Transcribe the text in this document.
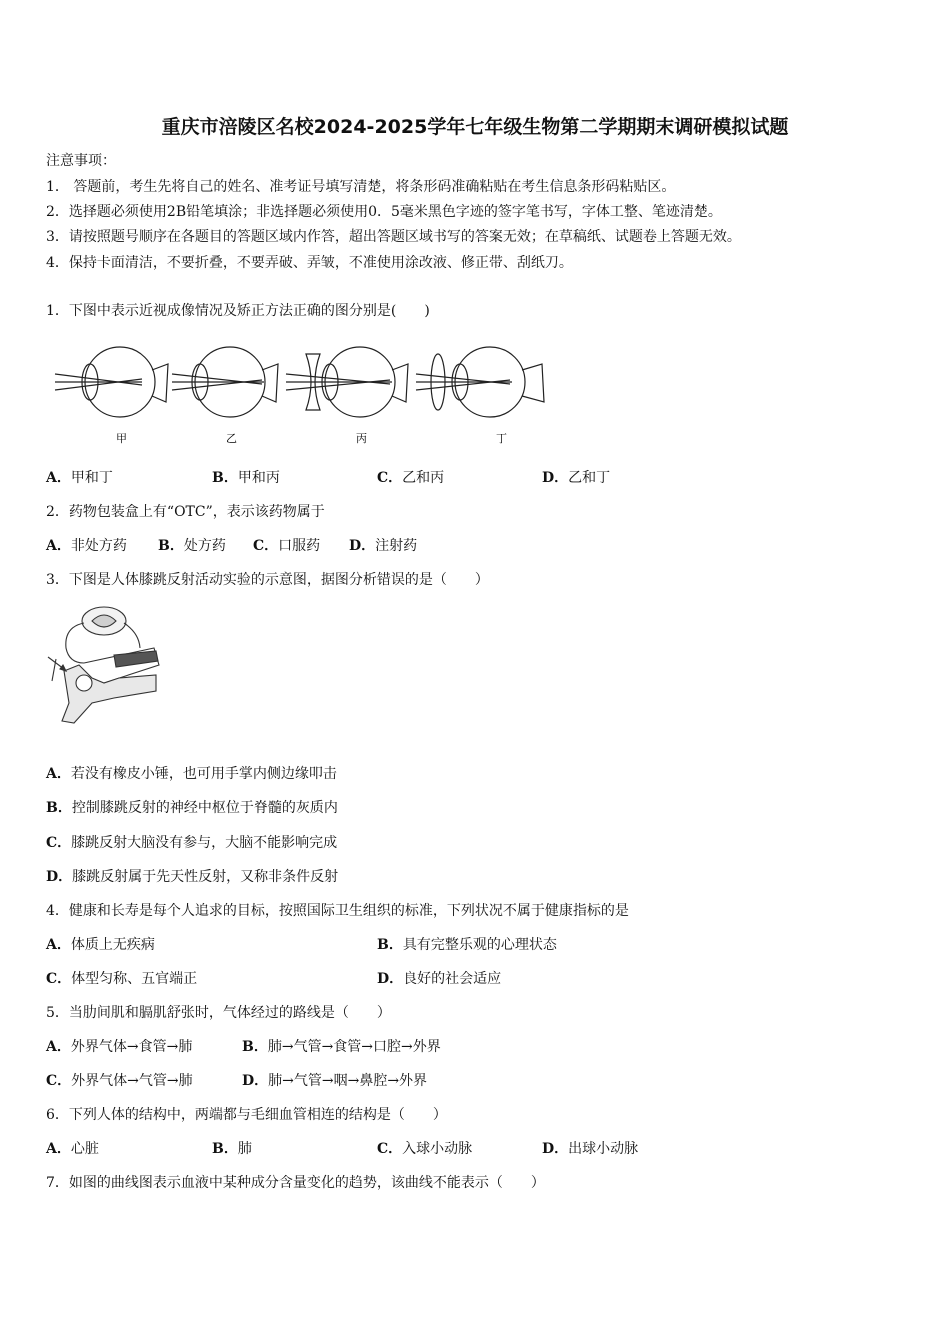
重庆市涪陵区名校2024-2025学年七年级生物第二学期期末调研模拟试题
注意事项：
1． 答题前，考生先将自己的姓名、准考证号填写清楚，将条形码准确粘贴在考生信息条形码粘贴区。
2．选择题必须使用2B铅笔填涂；非选择题必须使用0．5毫米黑色字迹的签字笔书写，字体工整、笔迹清楚。
3．请按照题号顺序在各题目的答题区域内作答，超出答题区域书写的答案无效；在草稿纸、试题卷上答题无效。
4．保持卡面清洁，不要折叠，不要弄破、弄皱，不准使用涂改液、修正带、刮纸刀。
1．下图中表示近视成像情况及矫正方法正确的图分别是(　　)
甲	乙	丙	丁
A．甲和丁	B．甲和丙	C．乙和丙	D．乙和丁
2．药物包装盒上有“OTC”，表示该药物属于
A．非处方药 B．处方药 C．口服药 D．注射药
3．下图是人体膝跳反射活动实验的示意图，据图分析错误的是（　　）
A．若没有橡皮小锤，也可用手掌内侧边缘叩击
B．控制膝跳反射的神经中枢位于脊髓的灰质内
C．膝跳反射大脑没有参与，大脑不能影响完成
D．膝跳反射属于先天性反射，又称非条件反射
4．健康和长寿是每个人追求的目标，按照国际卫生组织的标准，下列状况不属于健康指标的是
A．体质上无疾病	B．具有完整乐观的心理状态
C．体型匀称、五官端正	D．良好的社会适应
5．当肋间肌和膈肌舒张时，气体经过的路线是（　　）
A．外界气体→食管→肺	B．肺→气管→食管→口腔→外界
C．外界气体→气管→肺	D．肺→气管→咽→鼻腔→外界
6．下列人体的结构中，两端都与毛细血管相连的结构是（　　）
A．心脏	B．肺	C．入球小动脉	D．出球小动脉
7．如图的曲线图表示血液中某种成分含量变化的趋势，该曲线不能表示（　　）
